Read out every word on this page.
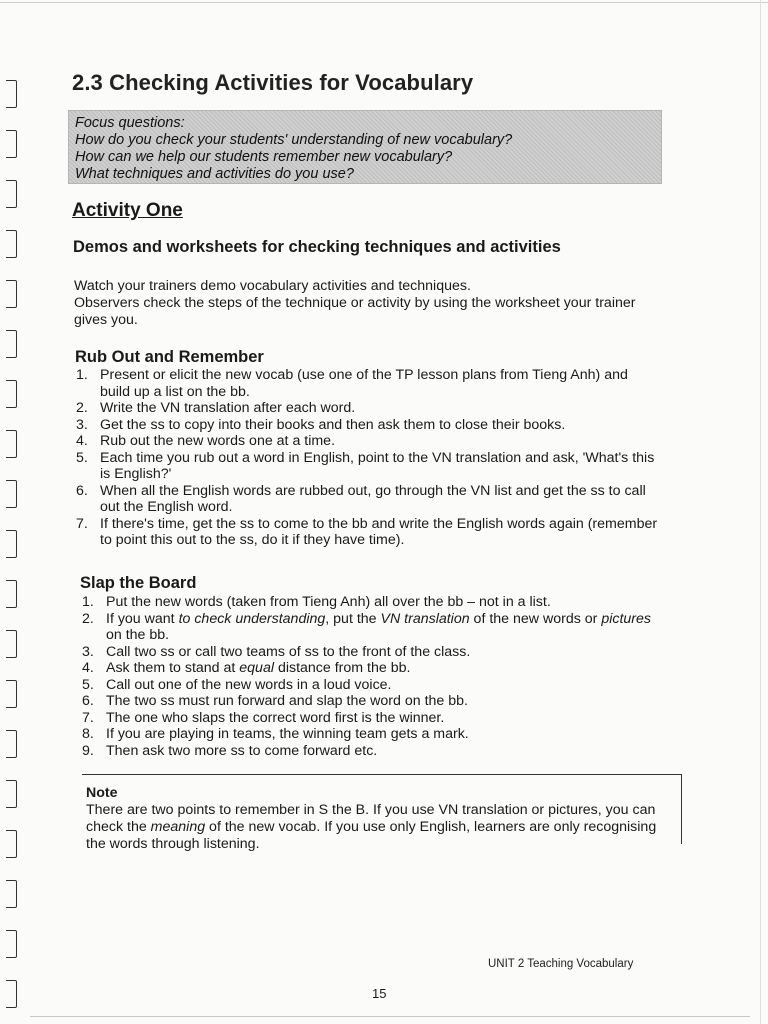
2.3 Checking Activities for Vocabulary
Focus questions:
How do you check your students' understanding of new vocabulary?
How can we help our students remember new vocabulary?
What techniques and activities do you use?
Activity One
Demos and worksheets for checking techniques and activities
Watch your trainers demo vocabulary activities and techniques.
Observers check the steps of the technique or activity by using the worksheet your trainer gives you.
Rub Out and Remember
1. Present or elicit the new vocab (use one of the TP lesson plans from Tieng Anh) and build up a list on the bb.
2. Write the VN translation after each word.
3. Get the ss to copy into their books and then ask them to close their books.
4. Rub out the new words one at a time.
5. Each time you rub out a word in English, point to the VN translation and ask, 'What's this is English?'
6. When all the English words are rubbed out, go through the VN list and get the ss to call out the English word.
7. If there's time, get the ss to come to the bb and write the English words again (remember to point this out to the ss, do it if they have time).
Slap the Board
1. Put the new words (taken from Tieng Anh) all over the bb – not in a list.
2. If you want to check understanding, put the VN translation of the new words or pictures on the bb.
3. Call two ss or call two teams of ss to the front of the class.
4. Ask them to stand at equal distance from the bb.
5. Call out one of the new words in a loud voice.
6. The two ss must run forward and slap the word on the bb.
7. The one who slaps the correct word first is the winner.
8. If you are playing in teams, the winning team gets a mark.
9. Then ask two more ss to come forward etc.
Note
There are two points to remember in S the B. If you use VN translation or pictures, you can check the meaning of the new vocab. If you use only English, learners are only recognising the words through listening.
UNIT 2 Teaching Vocabulary
15
